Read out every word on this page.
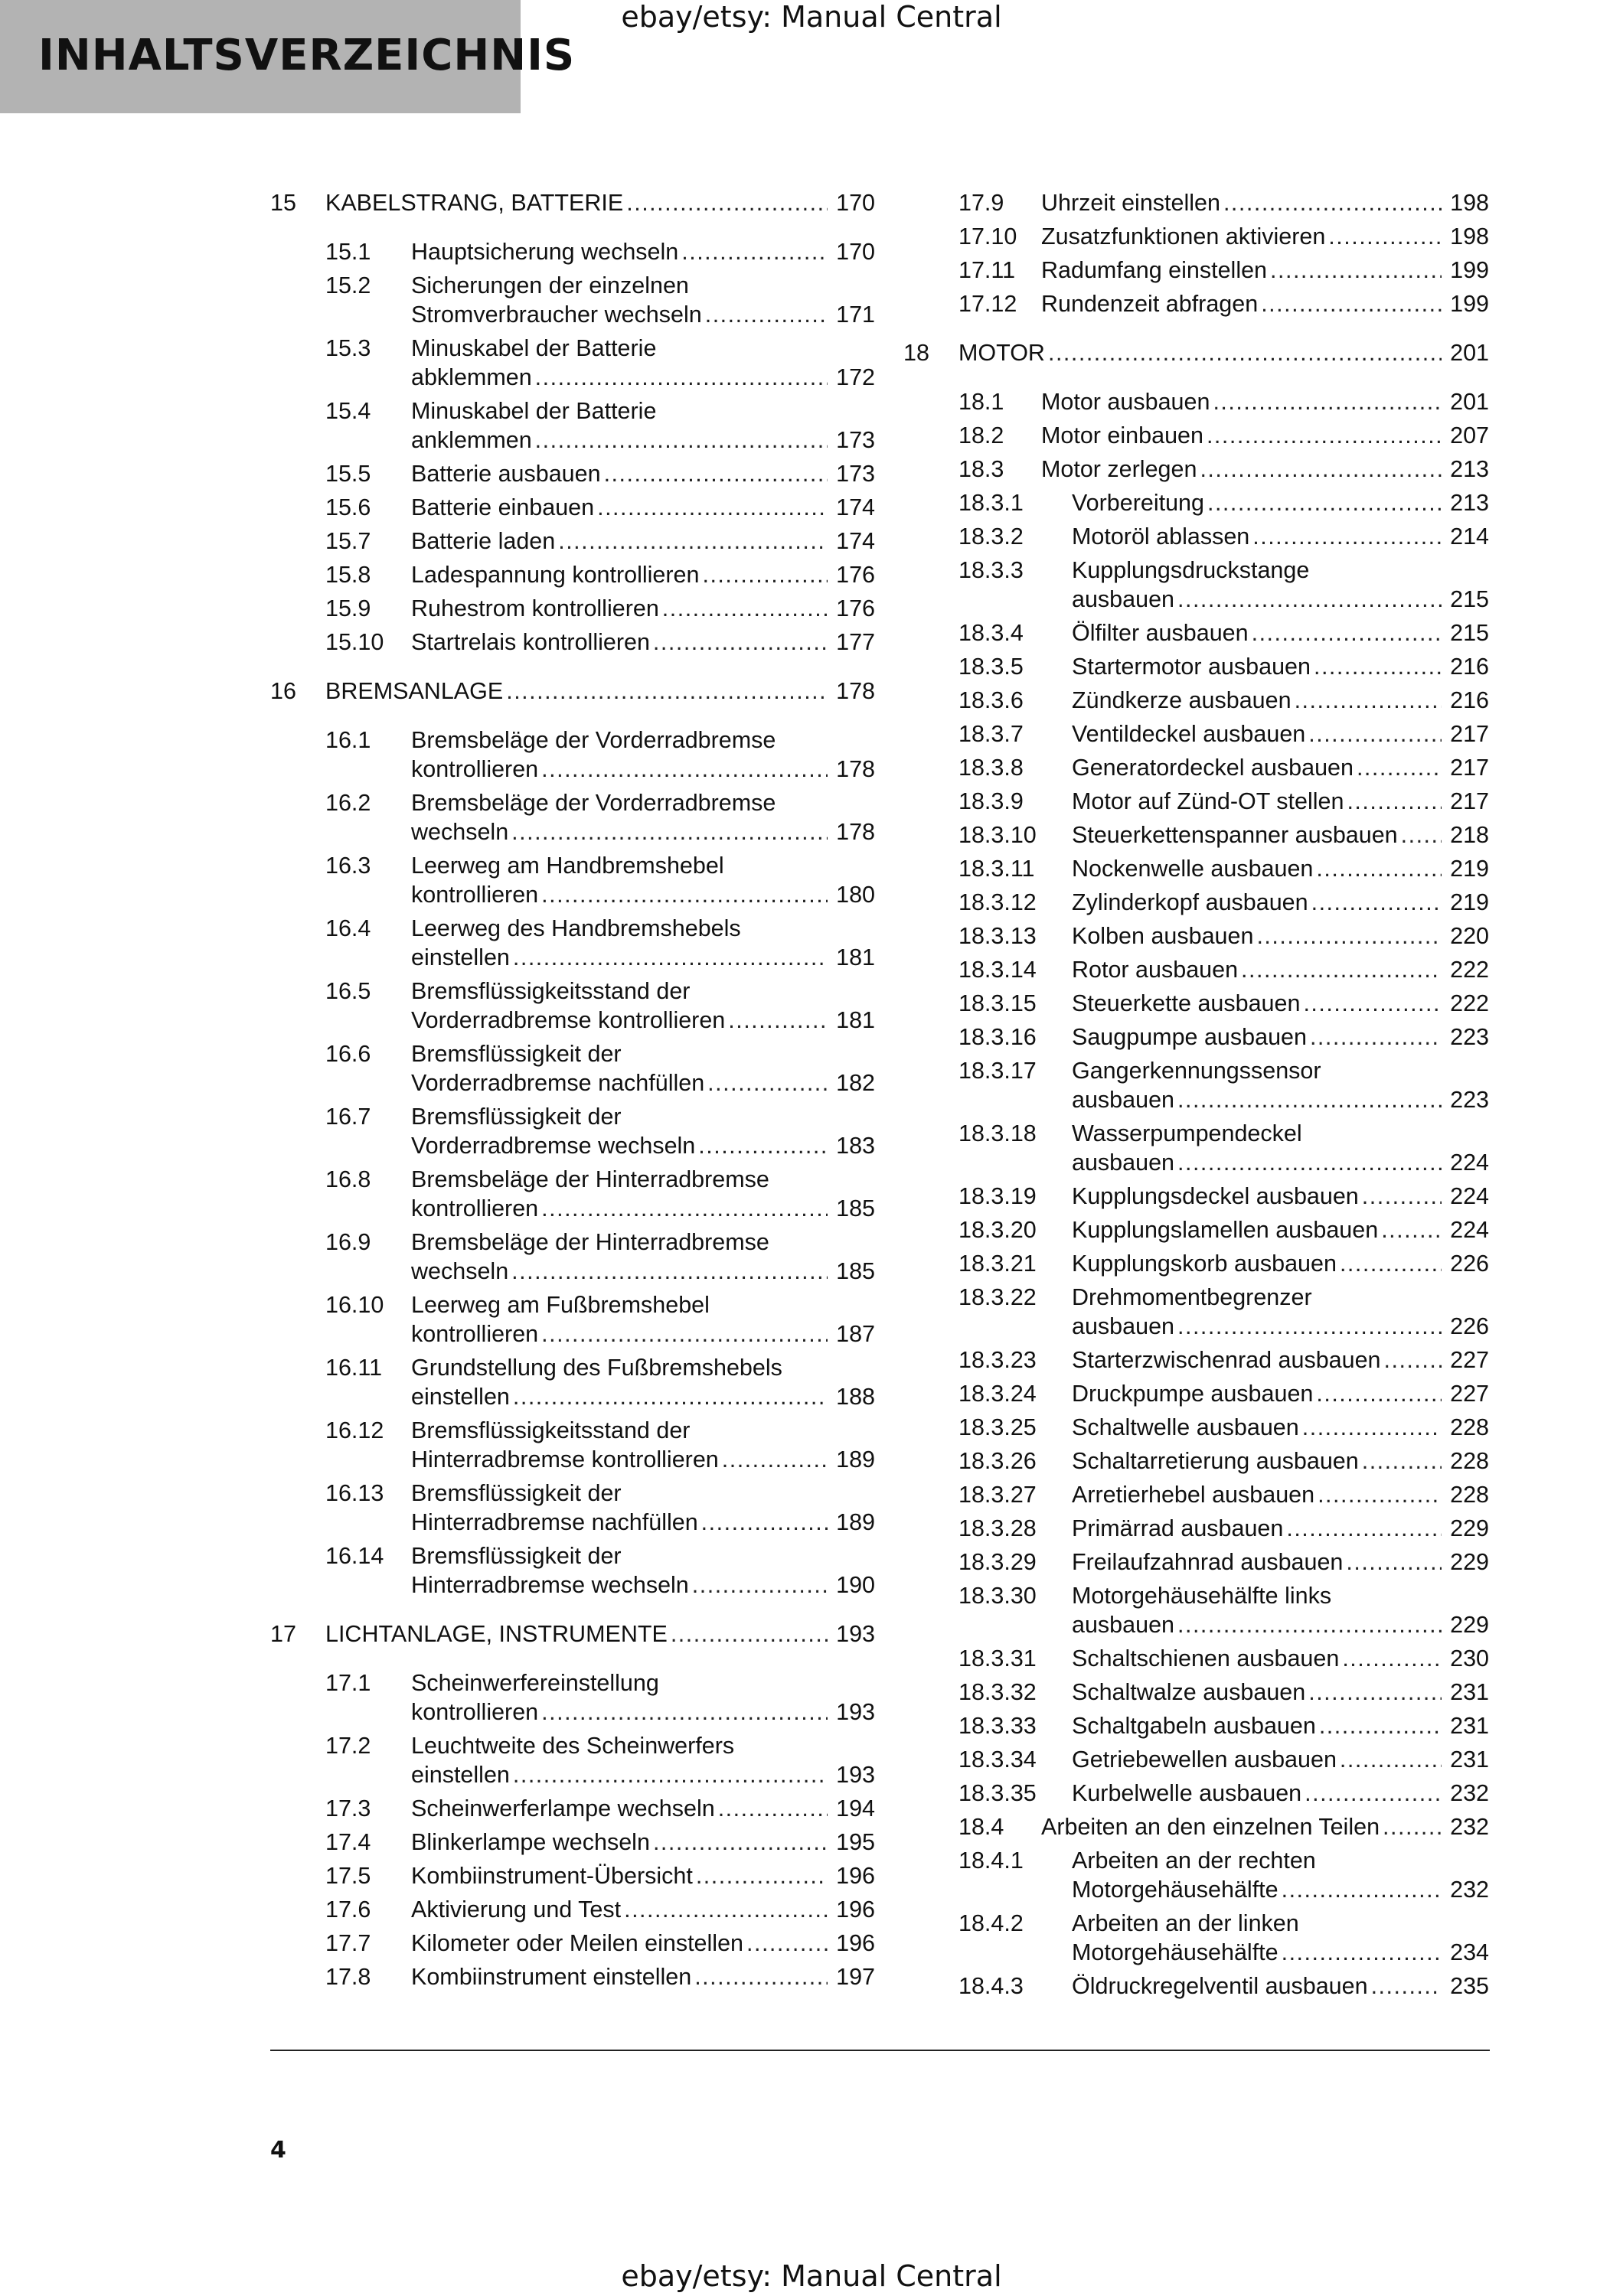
INHALTSVERZEICHNIS
ebay/etsy: Manual Central
15 KABELSTRANG, BATTERIE .....	170
15.1 Hauptsicherung wechseln .....	170
15.2 Sicherungen der einzelnen
Stromverbraucher wechseln .....	171
15.3 Minuskabel der Batterie
abklemmen .....	172
15.4 Minuskabel der Batterie
anklemmen .....	173
15.5 Batterie ausbauen .....	173
15.6 Batterie einbauen .....	174
15.7 Batterie laden .....	174
15.8 Ladespannung kontrollieren .....	176
15.9 Ruhestrom kontrollieren .....	176
15.10 Startrelais kontrollieren .....	177
16 BREMSANLAGE .....	178
16.1 Bremsbeläge der Vorderradbremse
kontrollieren .....	178
16.2 Bremsbeläge der Vorderradbremse
wechseln .....	178
16.3 Leerweg am Handbremshebel
kontrollieren .....	180
16.4 Leerweg des Handbremshebels
einstellen .....	181
16.5 Bremsflüssigkeitsstand der
Vorderradbremse kontrollieren .....	181
16.6 Bremsflüssigkeit der
Vorderradbremse nachfüllen .....	182
16.7 Bremsflüssigkeit der
Vorderradbremse wechseln .....	183
16.8 Bremsbeläge der Hinterradbremse
kontrollieren .....	185
16.9 Bremsbeläge der Hinterradbremse
wechseln .....	185
16.10 Leerweg am Fußbremshebel
kontrollieren .....	187
16.11 Grundstellung des Fußbremshebels
einstellen .....	188
16.12 Bremsflüssigkeitsstand der
Hinterradbremse kontrollieren .....	189
16.13 Bremsflüssigkeit der
Hinterradbremse nachfüllen .....	189
16.14 Bremsflüssigkeit der
Hinterradbremse wechseln .....	190
17 LICHTANLAGE, INSTRUMENTE .....	193
17.1 Scheinwerfereinstellung
kontrollieren .....	193
17.2 Leuchtweite des Scheinwerfers
einstellen .....	193
17.3 Scheinwerferlampe wechseln .....	194
17.4 Blinkerlampe wechseln .....	195
17.5 Kombiinstrument-Übersicht .....	196
17.6 Aktivierung und Test .....	196
17.7 Kilometer oder Meilen einstellen .....	196
17.8 Kombiinstrument einstellen .....	197
17.9 Uhrzeit einstellen .....	198
17.10 Zusatzfunktionen aktivieren .....	198
17.11 Radumfang einstellen .....	199
17.12 Rundenzeit abfragen .....	199
18 MOTOR .....	201
18.1 Motor ausbauen .....	201
18.2 Motor einbauen .....	207
18.3 Motor zerlegen .....	213
18.3.1 Vorbereitung .....	213
18.3.2 Motoröl ablassen .....	214
18.3.3 Kupplungsdruckstange
ausbauen .....	215
18.3.4 Ölfilter ausbauen .....	215
18.3.5 Startermotor ausbauen .....	216
18.3.6 Zündkerze ausbauen .....	216
18.3.7 Ventildeckel ausbauen .....	217
18.3.8 Generatordeckel ausbauen .....	217
18.3.9 Motor auf Zünd-OT stellen .....	217
18.3.10 Steuerkettenspanner ausbauen ..... 218
18.3.11 Nockenwelle ausbauen .....	219
18.3.12 Zylinderkopf ausbauen .....	219
18.3.13 Kolben ausbauen .....	220
18.3.14 Rotor ausbauen .....	222
18.3.15 Steuerkette ausbauen .....	222
18.3.16 Saugpumpe ausbauen .....	223
18.3.17 Gangerkennungssensor
ausbauen .....	223
18.3.18 Wasserpumpendeckel
ausbauen .....	224
18.3.19 Kupplungsdeckel ausbauen .....	224
18.3.20 Kupplungslamellen ausbauen .....	224
18.3.21 Kupplungskorb ausbauen .....	226
18.3.22 Drehmomentbegrenzer
ausbauen .....	226
18.3.23 Starterzwischenrad ausbauen .....	227
18.3.24 Druckpumpe ausbauen .....	227
18.3.25 Schaltwelle ausbauen .....	228
18.3.26 Schaltarretierung ausbauen .....	228
18.3.27 Arretierhebel ausbauen .....	228
18.3.28 Primärrad ausbauen .....	229
18.3.29 Freilaufzahnrad ausbauen .....	229
18.3.30 Motorgehäusehälfte links
ausbauen .....	229
18.3.31 Schaltschienen ausbauen .....	230
18.3.32 Schaltwalze ausbauen .....	231
18.3.33 Schaltgabeln ausbauen .....	231
18.3.34 Getriebewellen ausbauen .....	231
18.3.35 Kurbelwelle ausbauen .....	232
18.4 Arbeiten an den einzelnen Teilen .....	232
18.4.1 Arbeiten an der rechten
Motorgehäusehälfte .....	232
18.4.2 Arbeiten an der linken
Motorgehäusehälfte .....	234
18.4.3 Öldruckregelventil ausbauen .....	235
4
ebay/etsy: Manual Central
